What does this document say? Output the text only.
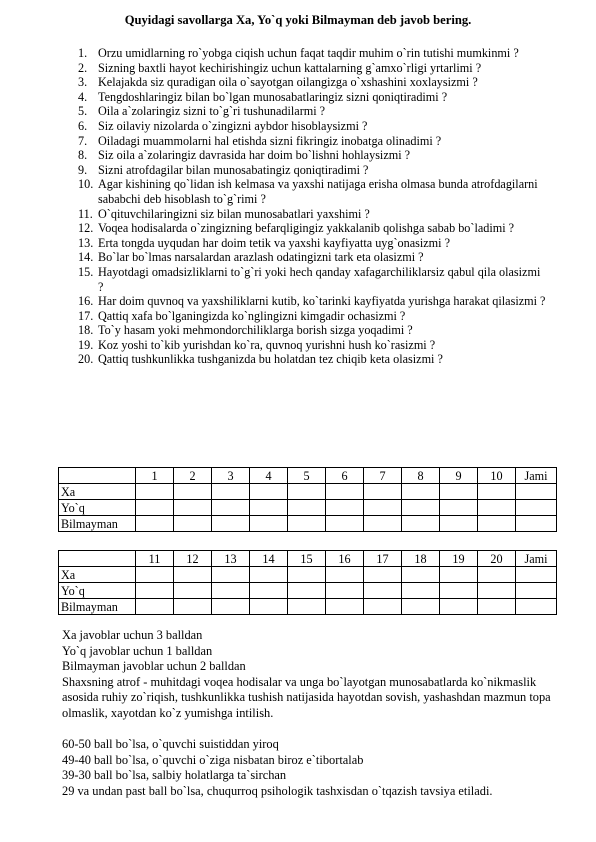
Quyidagi savollarga Xa, Yo`q yoki Bilmayman deb javob bering.
1. Orzu umidlarning ro`yobga ciqish uchun faqat taqdir muhim o`rin tutishi mumkinmi ?
2. Sizning baxtli hayot kechirishingiz uchun kattalarning g`amxo`rligi yrtarlimi ?
3. Kelajakda siz quradigan oila o`sayotgan oilangizga o`xshashini xoxlaysizmi ?
4. Tengdoshlaringiz bilan bo`lgan munosabatlaringiz sizni qoniqtiradimi ?
5. Oila a`zolaringiz sizni to`g`ri tushunadilarmi ?
6. Siz oilaviy nizolarda o`zingizni aybdor hisoblaysizmi ?
7. Oiladagi muammolarni hal etishda sizni fikringiz inobatga olinadimi ?
8. Siz oila a`zolaringiz davrasida har doim bo`lishni hohlaysizmi ?
9. Sizni atrofdagilar bilan munosabatingiz qoniqtiradimi ?
10. Agar kishining qo`lidan ish kelmasa va yaxshi natijaga erisha olmasa bunda atrofdagilarni sababchi deb hisoblash to`g`rimi ?
11. O`qituvchilaringizni siz bilan munosabatlari yaxshimi ?
12. Voqea hodisalarda o`zingizning befarqligingiz yakkalanib qolishga sabab bo`ladimi ?
13. Erta tongda uyqudan har doim tetik va yaxshi kayfiyatta uyg`onasizmi ?
14. Bo`lar bo`lmas narsalardan arazlash odatingizni tark eta olasizmi ?
15. Hayotdagi omadsizliklarni to`g`ri yoki hech qanday xafagarchiliklarsiz qabul qila olasizmi ?
16. Har doim quvnoq va yaxshiliklarni kutib, ko`tarinki kayfiyatda yurishga harakat qilasizmi ?
17. Qattiq xafa bo`lganingizda ko`nglingizni kimgadir ochasizmi ?
18. To`y hasam yoki mehmondorchiliklarga borish sizga yoqadimi ?
19. Koz yoshi to`kib yurishdan ko`ra, quvnoq yurishni hush ko`rasizmi ?
20. Qattiq tushkunlikka tushganizda bu holatdan tez chiqib keta olasizmi ?
	1	2	3	4	5	6	7	8	9	10	Jami
Xa											
Yo`q											
Bilmayman											
	11	12	13	14	15	16	17	18	19	20	Jami
Xa											
Yo`q											
Bilmayman											
Xa javoblar uchun 3 balldan
Yo`q javoblar uchun 1 balldan
Bilmayman javoblar uchun 2 balldan
Shaxsning atrof - muhitdagi voqea hodisalar va unga bo`layotgan munosabatlarda ko`nikmaslik asosida ruhiy zo`riqish, tushkunlikka tushish natijasida hayotdan sovish, yashashdan mazmun topa olmaslik, xayotdan ko`z yumishga intilish.
60-50 ball bo`lsa, o`quvchi suistiddan yiroq
49-40 ball bo`lsa, o`quvchi o`ziga nisbatan biroz e`tibortalab
39-30 ball bo`lsa, salbiy holatlarga ta`sirchan
29 va undan past ball bo`lsa, chuqurroq psihologik tashxisdan o`tqazish tavsiya etiladi.
